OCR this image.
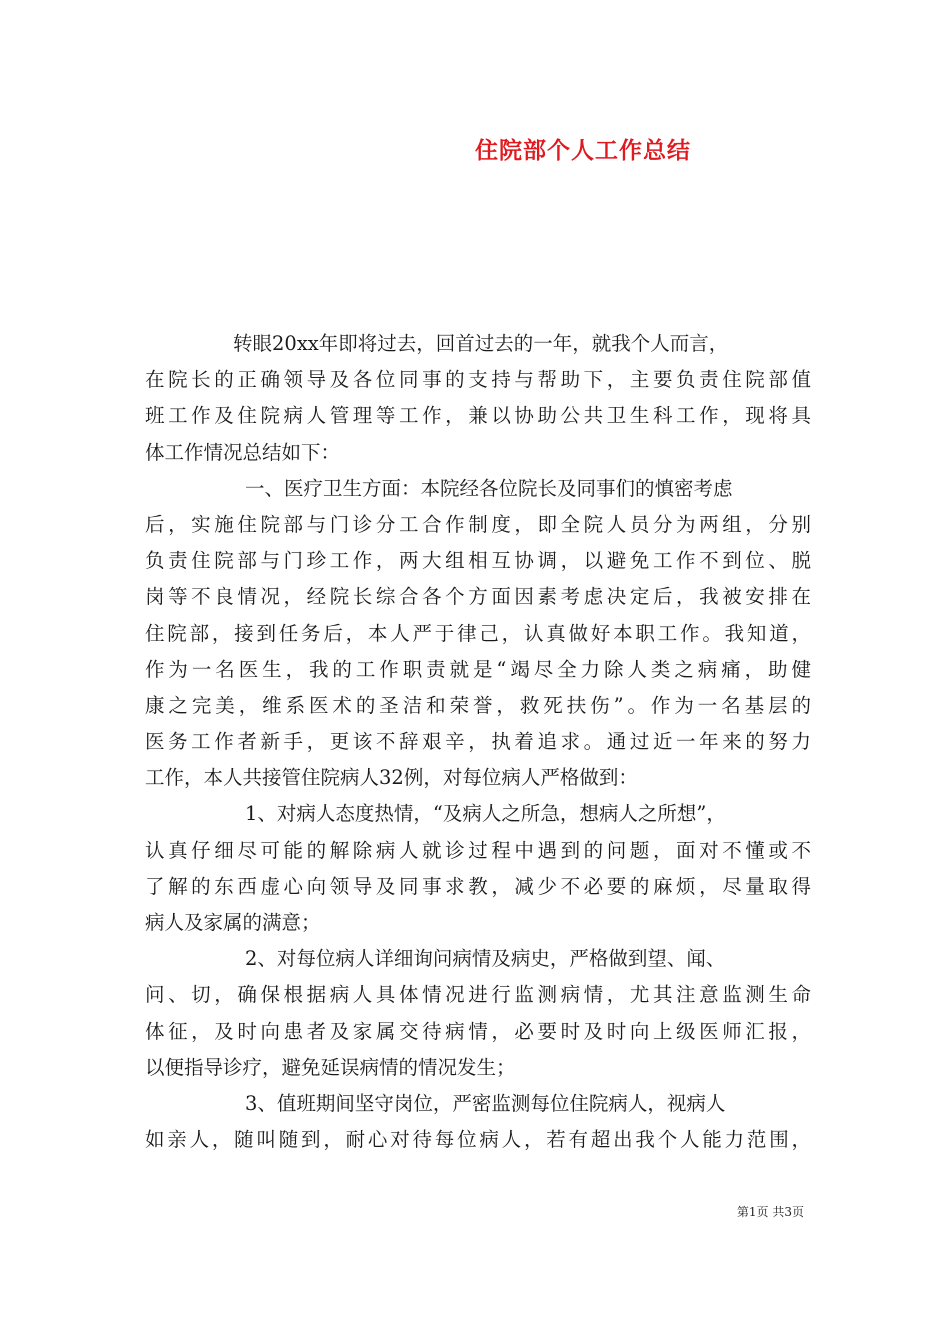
住院部个人工作总结
转眼20xx年即将过去，回首过去的一年，就我个人而言，
在院长的正确领导及各位同事的支持与帮助下，主要负责住院部值
班工作及住院病人管理等工作，兼以协助公共卫生科工作，现将具
体工作情况总结如下：
一、医疗卫生方面：本院经各位院长及同事们的慎密考虑
后，实施住院部与门诊分工合作制度，即全院人员分为两组，分别
负责住院部与门珍工作，两大组相互协调，以避免工作不到位、脱
岗等不良情况，经院长综合各个方面因素考虑决定后，我被安排在
住院部，接到任务后，本人严于律己，认真做好本职工作。我知道，
作为一名医生，我的工作职责就是“竭尽全力除人类之病痛，助健
康之完美，维系医术的圣洁和荣誉，救死扶伤”。作为一名基层的
医务工作者新手，更该不辞艰辛，执着追求。通过近一年来的努力
工作，本人共接管住院病人32例，对每位病人严格做到：
1、对病人态度热情，“及病人之所急，想病人之所想”，
认真仔细尽可能的解除病人就诊过程中遇到的问题，面对不懂或不
了解的东西虚心向领导及同事求教，减少不必要的麻烦，尽量取得
病人及家属的满意；
2、对每位病人详细询问病情及病史，严格做到望、闻、
问、切，确保根据病人具体情况进行监测病情，尤其注意监测生命
体征，及时向患者及家属交待病情，必要时及时向上级医师汇报，
以便指导诊疗，避免延误病情的情况发生；
3、值班期间坚守岗位，严密监测每位住院病人，视病人
如亲人，随叫随到，耐心对待每位病人，若有超出我个人能力范围，
第1页 共3页
